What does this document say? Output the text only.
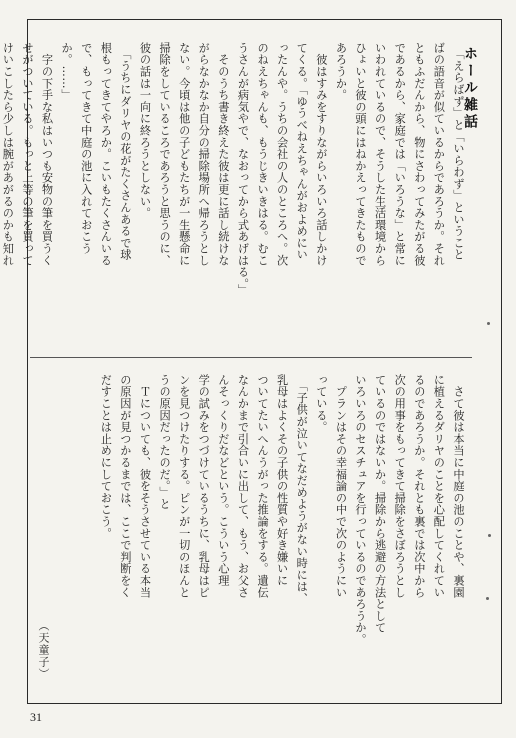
ホール雑話
　「えらばず」と「いらわず」ということ
ばの語音が似ているからであろうか。それ
ともふだんから、物にさわってみたがる彼
であるから、家庭では「いろうな」と常に
いわれているので、そうした生活環境から
ひょいと彼の頭にはねかえってきたもので
あろうか。
　彼はすみをすりながらいろいろ話しかけ
てくる。「ゆうべねえちゃんがおよめにい
ったんや。うちの会社の人のところへ。次
のねえちゃんも、もうじきいきはる。むこ
うさんが病気やで、なおってから式あげはる。」
　そのうち書き終えた彼は更に話し続けな
がらなかなか自分の掃除場所へ帰ろうとし
ない。今頃は他の子どもたちが一生懸命に
掃除をしているころであろうと思うのに、
彼の話は一向に終ろうとしない。
　「うちにダリヤの花がたくさんあるで球
根もってきてやろか。こいもたくさんいる
で、もってきて中庭の池に入れておこう
か。……」
　字の下手な私はいつも安物の筆を買うく
せがついている。もっと上等の筆を買って
けいこしたら少しは腕があがるのかも知れ
　さて彼は本当に中庭の池のことや、裏園
に植えるダリヤのことを心配してくれてい
るのであろうか。それとも裏では次中から
次の用事をもってきて掃除をさぼろうとし
ているのではないか。掃除から逃避の方法として
いろいろのセスチュアを行っているのであろうか。
　プランはその幸福論の中で次のようにい
っている。
　「子供が泣いてなだめようがない時には、
乳母はよくその子供の性質や好き嫌いに
ついてたいへんうがった推論をする。遺伝
なんかまで引合いに出して、もう、お父さ
んそっくりだなどという。こういう心理
学の試みをつづけているうちに、乳母はピ
ンを見つけたりする。ピンが一切のほんと
うの原因だったのだ。」と
　Ｔについても、彼をそうさせている本当
の原因が見つかるまでは、ここで判断をく
だすことは止めにしておこう。
（天童子）
31
